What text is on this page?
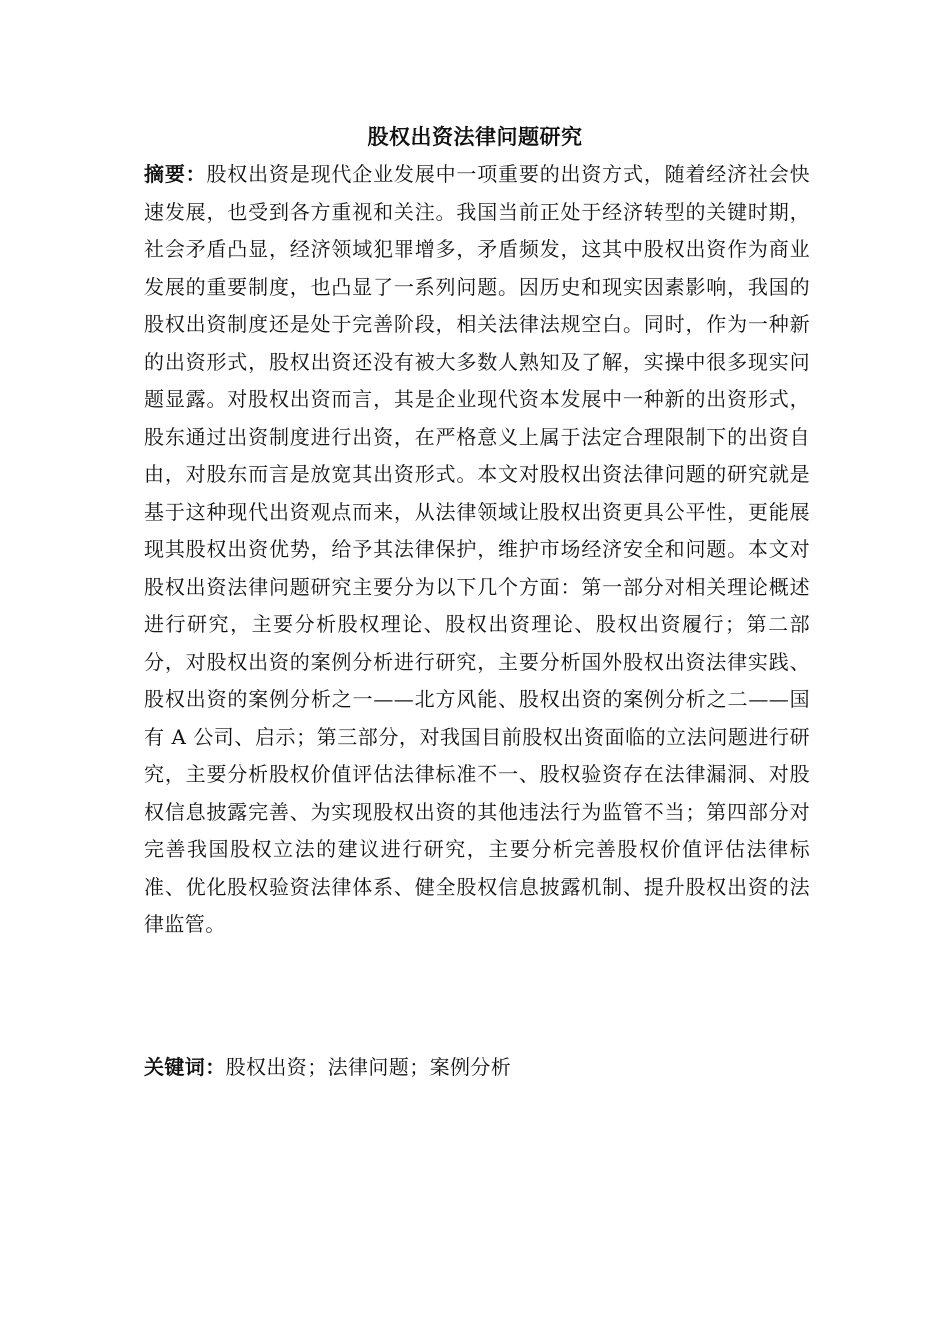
股权出资法律问题研究
摘要：股权出资是现代企业发展中一项重要的出资方式，随着经济社会快速发展，也受到各方重视和关注。我国当前正处于经济转型的关键时期，社会矛盾凸显，经济领域犯罪增多，矛盾频发，这其中股权出资作为商业发展的重要制度，也凸显了一系列问题。因历史和现实因素影响，我国的股权出资制度还是处于完善阶段，相关法律法规空白。同时，作为一种新的出资形式，股权出资还没有被大多数人熟知及了解，实操中很多现实问题显露。对股权出资而言，其是企业现代资本发展中一种新的出资形式，股东通过出资制度进行出资，在严格意义上属于法定合理限制下的出资自由，对股东而言是放宽其出资形式。本文对股权出资法律问题的研究就是基于这种现代出资观点而来，从法律领域让股权出资更具公平性，更能展现其股权出资优势，给予其法律保护，维护市场经济安全和问题。本文对股权出资法律问题研究主要分为以下几个方面：第一部分对相关理论概述进行研究，主要分析股权理论、股权出资理论、股权出资履行；第二部分，对股权出资的案例分析进行研究，主要分析国外股权出资法律实践、股权出资的案例分析之一——北方风能、股权出资的案例分析之二——国有 A 公司、启示；第三部分，对我国目前股权出资面临的立法问题进行研究，主要分析股权价值评估法律标准不一、股权验资存在法律漏洞、对股权信息披露完善、为实现股权出资的其他违法行为监管不当；第四部分对完善我国股权立法的建议进行研究，主要分析完善股权价值评估法律标准、优化股权验资法律体系、健全股权信息披露机制、提升股权出资的法律监管。
关键词：股权出资；法律问题；案例分析
